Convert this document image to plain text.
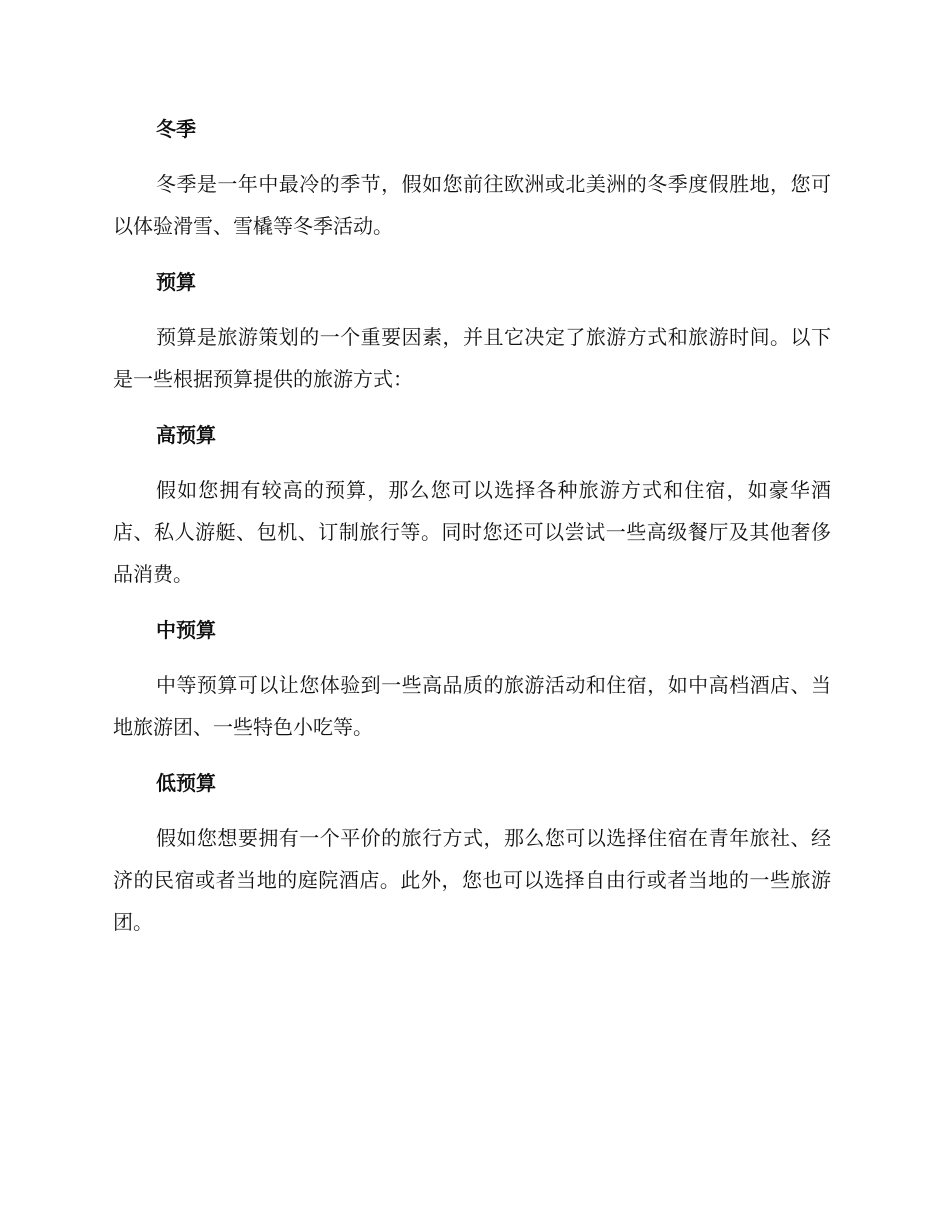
冬季

冬季是一年中最冷的季节，假如您前往欧洲或北美洲的冬季度假胜地，您可以体验滑雪、雪橇等冬季活动。

预算

预算是旅游策划的一个重要因素，并且它决定了旅游方式和旅游时间。以下是一些根据预算提供的旅游方式：

高预算

假如您拥有较高的预算，那么您可以选择各种旅游方式和住宿，如豪华酒店、私人游艇、包机、订制旅行等。同时您还可以尝试一些高级餐厅及其他奢侈品消费。

中预算

中等预算可以让您体验到一些高品质的旅游活动和住宿，如中高档酒店、当地旅游团、一些特色小吃等。

低预算

假如您想要拥有一个平价的旅行方式，那么您可以选择住宿在青年旅社、经济的民宿或者当地的庭院酒店。此外，您也可以选择自由行或者当地的一些旅游团。
